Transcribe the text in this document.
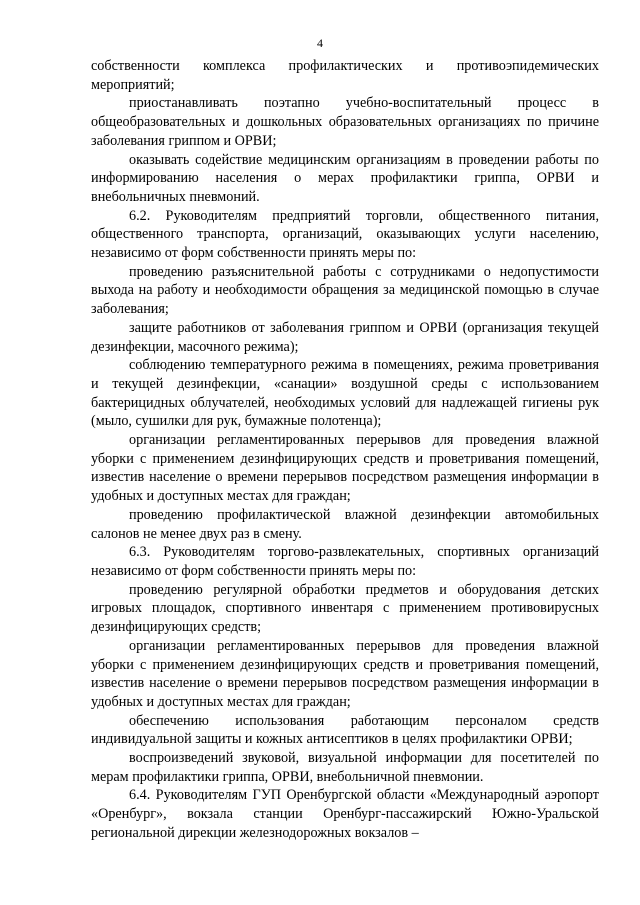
4

собственности комплекса профилактических и противоэпидемических мероприятий;

приостанавливать поэтапно учебно-воспитательный процесс в общеобразовательных и дошкольных образовательных организациях по причине заболевания гриппом и ОРВИ;

оказывать содействие медицинским организациям в проведении работы по информированию населения о мерах профилактики гриппа, ОРВИ и внебольничных пневмоний.

6.2. Руководителям предприятий торговли, общественного питания, общественного транспорта, организаций, оказывающих услуги населению, независимо от форм собственности принять меры по:

проведению разъяснительной работы с сотрудниками о недопустимости выхода на работу и необходимости обращения за медицинской помощью в случае заболевания;

защите работников от заболевания гриппом и ОРВИ (организация текущей дезинфекции, масочного режима);

соблюдению температурного режима в помещениях, режима проветривания и текущей дезинфекции, «санации» воздушной среды с использованием бактерицидных облучателей, необходимых условий для надлежащей гигиены рук (мыло, сушилки для рук, бумажные полотенца);

организации регламентированных перерывов для проведения влажной уборки с применением дезинфицирующих средств и проветривания помещений, известив население о времени перерывов посредством размещения информации в удобных и доступных местах для граждан;

проведению профилактической влажной дезинфекции автомобильных салонов не менее двух раз в смену.

6.3. Руководителям торгово-развлекательных, спортивных организаций независимо от форм собственности принять меры по:

проведению регулярной обработки предметов и оборудования детских игровых площадок, спортивного инвентаря с применением противовирусных дезинфицирующих средств;

организации регламентированных перерывов для проведения влажной уборки с применением дезинфицирующих средств и проветривания помещений, известив население о времени перерывов посредством размещения информации в удобных и доступных местах для граждан;

обеспечению использования работающим персоналом средств индивидуальной защиты и кожных антисептиков в целях профилактики ОРВИ;

воспроизведений звуковой, визуальной информации для посетителей по мерам профилактики гриппа, ОРВИ, внебольничной пневмонии.

6.4. Руководителям ГУП Оренбургской области «Международный аэропорт «Оренбург», вокзала станции Оренбург-пассажирский Южно-Уральской региональной дирекции железнодорожных вокзалов –
